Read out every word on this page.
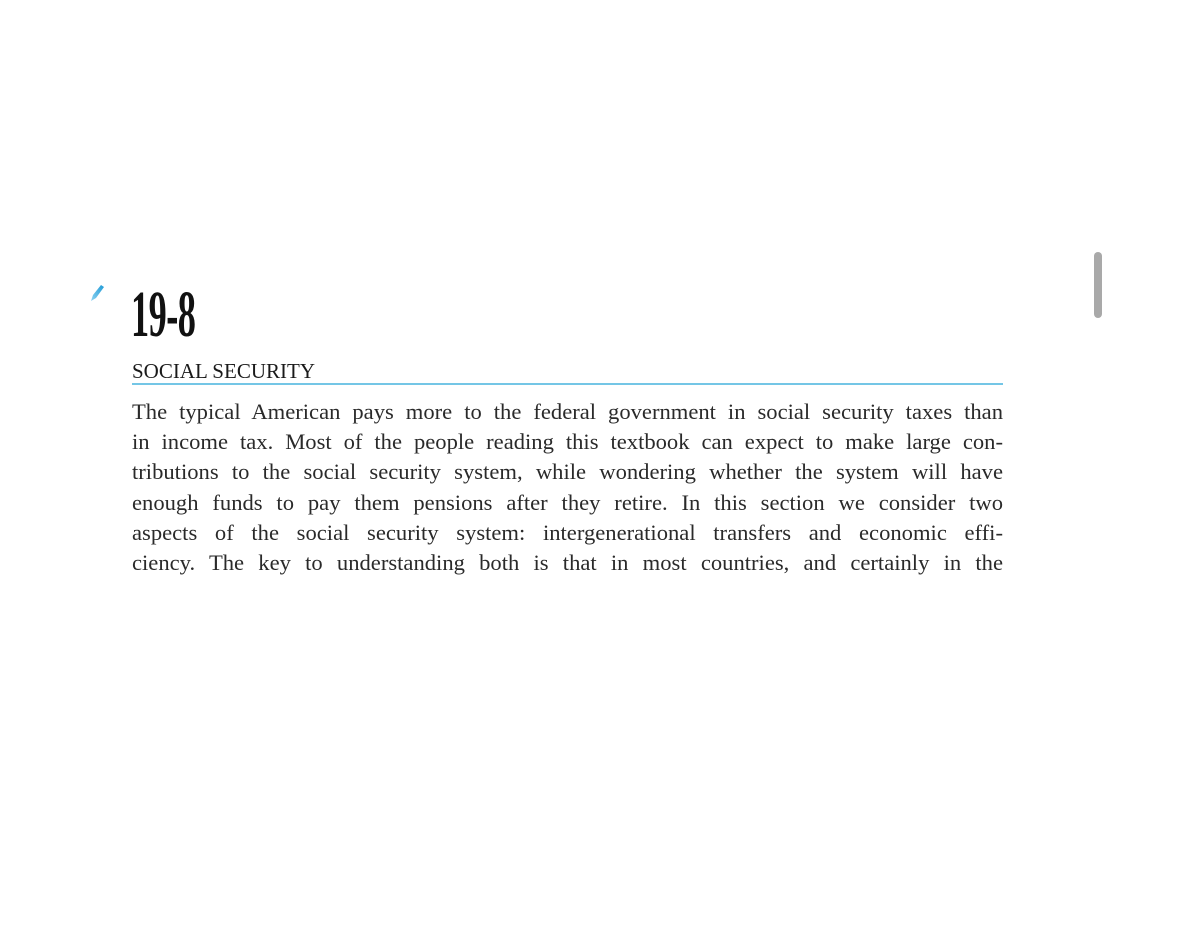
19-8
SOCIAL SECURITY
The typical American pays more to the federal government in social security taxes than
in income tax. Most of the people reading this textbook can expect to make large con-
tributions to the social security system, while wondering whether the system will have
enough funds to pay them pensions after they retire. In this section we consider two
aspects of the social security system: intergenerational transfers and economic effi-
ciency. The key to understanding both is that in most countries, and certainly in the
